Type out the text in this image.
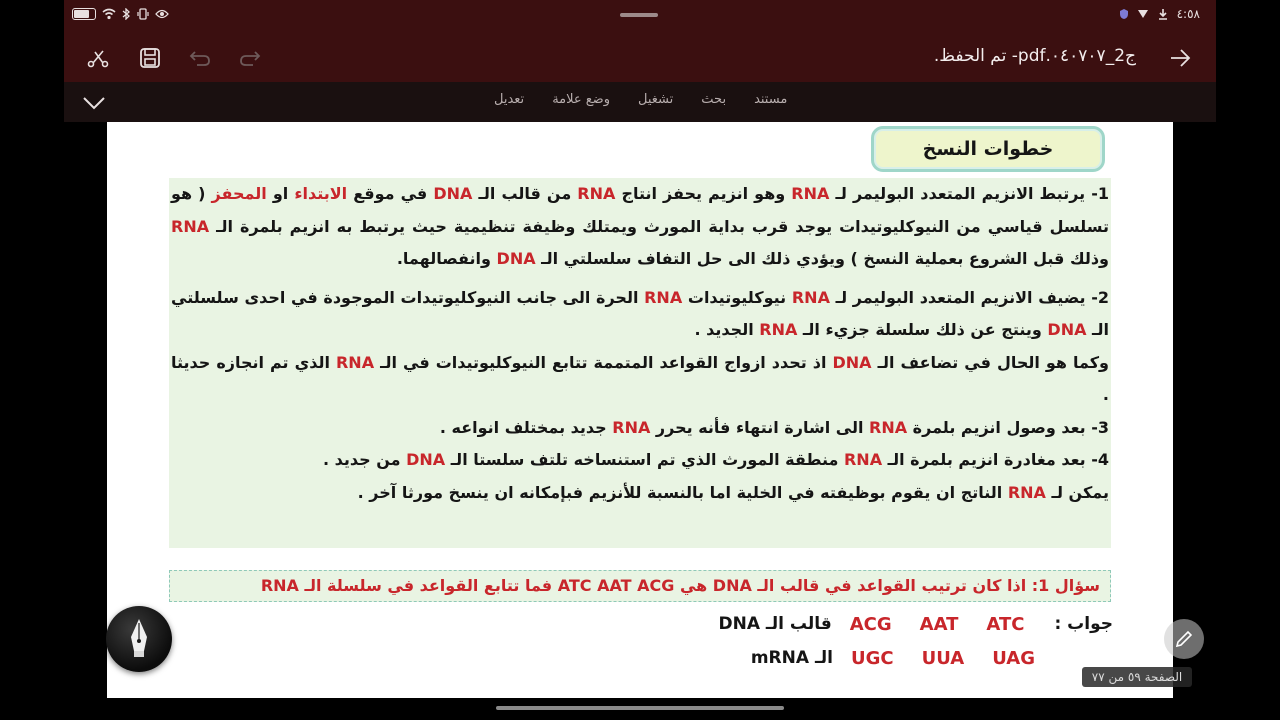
٤:٥٨
ج2_٠٤٠٧٠٧.pdf- تم الحفظ.
مستند
بحث
تشغيل
وضع علامة
تعديل
خطوات النسخ

1- يرتبط الانزيم المتعدد البوليمر لـ RNA وهو انزيم يحفز انتاج RNA من قالب الـ DNA في موقع الابتداء او المحفز ( هو تسلسل قياسي من النيوكليوتيدات يوجد قرب بداية المورث ويمتلك وظيفة تنظيمية حيث يرتبط به انزيم بلمرة الـ RNA وذلك قبل الشروع بعملية النسخ ) ويؤدي ذلك الى حل التفاف سلسلتي الـ DNA وانفصالهما.

2- يضيف الانزيم المتعدد البوليمر لـ RNA نيوكليوتيدات RNA الحرة الى جانب النيوكليوتيدات الموجودة في احدى سلسلتي الـ DNA وينتج عن ذلك سلسلة جزيء الـ RNA الجديد .

وكما هو الحال في تضاعف الـ DNA اذ تحدد ازواج القواعد المتممة تتابع النيوكليوتيدات في الـ RNA الذي تم انجازه حديثا .

3- بعد وصول انزيم بلمرة RNA الى اشارة انتهاء فأنه يحرر RNA جديد بمختلف انواعه .

4- بعد مغادرة انزيم بلمرة الـ RNA منطقة المورث الذي تم استنساخه تلتف سلستا الـ DNA من جديد .

يمكن لـ RNA الناتج ان يقوم بوظيفته في الخلية اما بالنسبة للأنزيم فبإمكانه ان ينسخ مورثا آخر .

سؤال 1: اذا كان ترتيب القواعد في قالب الـ DNA هي ATC AAT ACG فما تتابع القواعد في سلسلة الـ RNA
جواب :
ATC
AAT
ACG
قالب الـ DNA
UAG
UUA
UGC
الـ mRNA
الصفحة ٥٩ من ٧٧
